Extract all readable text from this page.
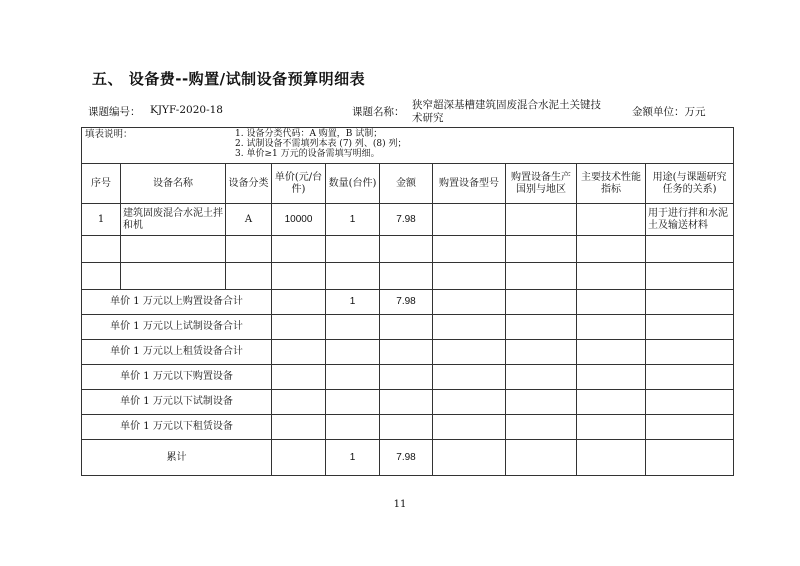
五、 设备费--购置/试制设备预算明细表
课题编号： KJYF-2020-18	课题名称：
狭窄超深基槽建筑固废混合水泥土关键技
术研究	金额单位：万元
填表说明： 1. 设备分类代码：A 购置，B 试制；
2. 试制设备不需填列本表 (7) 列、(8) 列；
3. 单价≥1 万元的设备需填写明细。									

序号	设备名称	设备分类	单价(元/台件)	数量(台件)	金额	购置设备型号	购置设备生产国别与地区	主要技术性能指标	用途(与课题研究任务的关系)
1	建筑固废混合水泥土拌和机	A	10000	1	7.98				用于进行拌和水泥土及输送材料

单价 1 万元以上购置设备合计				1	7.98				
单价 1 万元以上试制设备合计									
单价 1 万元以上租赁设备合计									
单价 1 万元以下购置设备									
单价 1 万元以下试制设备									
单价 1 万元以下租赁设备									
累计				1	7.98				
11
